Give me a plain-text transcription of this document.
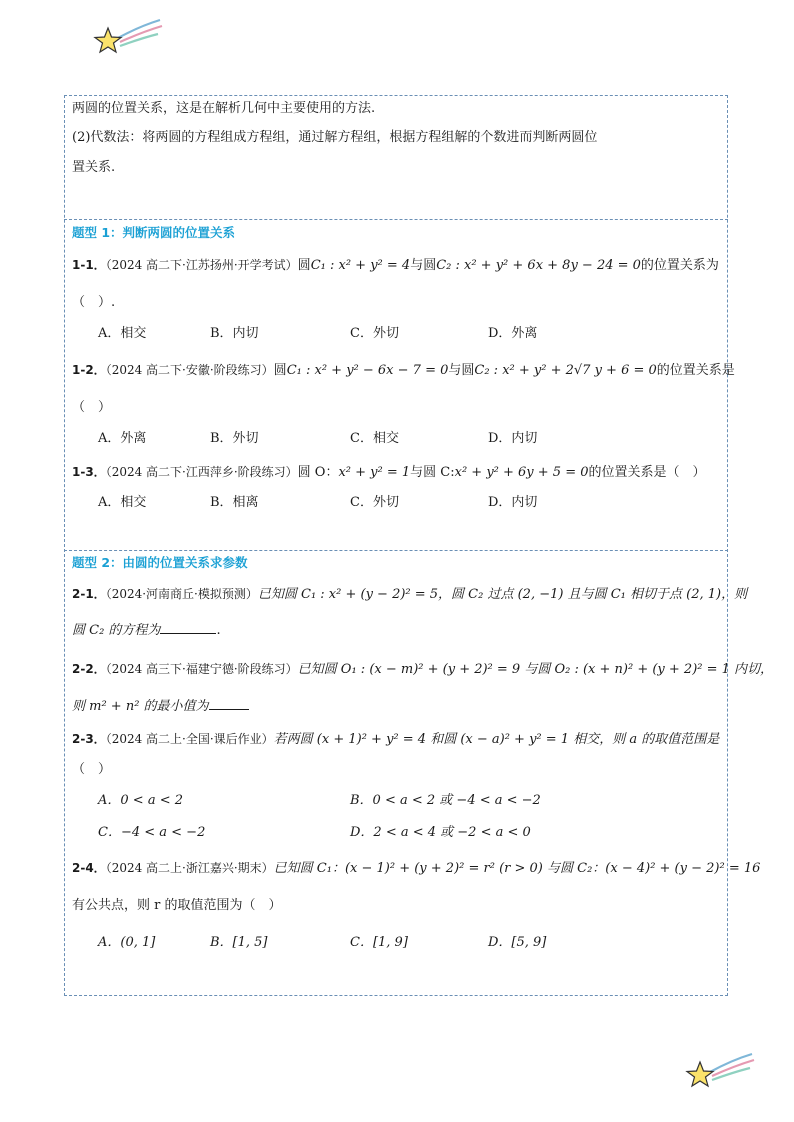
两圆的位置关系，这是在解析几何中主要使用的方法.
(2)代数法：将两圆的方程组成方程组，通过解方程组，根据方程组解的个数进而判断两圆位
置关系.
题型 1：判断两圆的位置关系
1-1．（2024 高二下·江苏扬州·开学考试）圆C₁ : x² + y² = 4与圆C₂ : x² + y² + 6x + 8y − 24 = 0的位置关系为
（　）.
A．相交	B．内切	C．外切	D．外离
1-2．（2024 高二下·安徽·阶段练习）圆C₁ : x² + y² − 6x − 7 = 0与圆C₂ : x² + y² + 2√7 y + 6 = 0的位置关系是
（　）
A．外离	B．外切	C．相交	D．内切
1-3．（2024 高二下·江西萍乡·阶段练习）圆 O：x² + y² = 1与圆 C:x² + y² + 6y + 5 = 0的位置关系是（　）
A．相交	B．相离	C．外切	D．内切
题型 2：由圆的位置关系求参数
2-1．（2024·河南商丘·模拟预测）已知圆 C₁ : x² + (y − 2)² = 5，圆 C₂ 过点 (2, −1) 且与圆 C₁ 相切于点 (2, 1)，则
圆 C₂ 的方程为	.
2-2．（2024 高三下·福建宁德·阶段练习）已知圆 O₁ : (x − m)² + (y + 2)² = 9 与圆 O₂ : (x + n)² + (y + 2)² = 1 内切，
则 m² + n² 的最小值为
2-3．（2024 高二上·全国·课后作业）若两圆 (x + 1)² + y² = 4 和圆 (x − a)² + y² = 1 相交，则 a 的取值范围是
（　）
A．0 < a < 2	B．0 < a < 2 或 −4 < a < −2
C．−4 < a < −2	D．2 < a < 4 或 −2 < a < 0
2-4．（2024 高二上·浙江嘉兴·期末）已知圆 C₁：(x − 1)² + (y + 2)² = r² (r > 0) 与圆 C₂：(x − 4)² + (y − 2)² = 16
有公共点，则 r 的取值范围为（　）
A．(0, 1]	B．[1, 5]	C．[1, 9]	D．[5, 9]
